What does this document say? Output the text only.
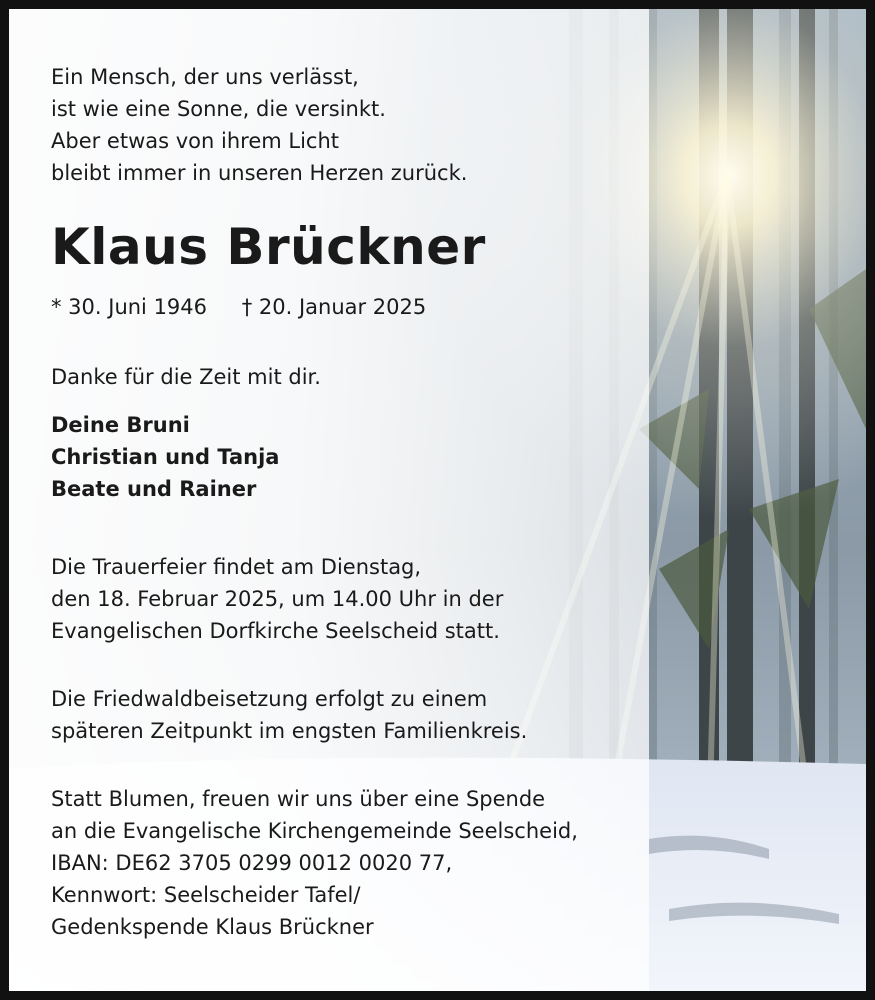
Ein Mensch, der uns verlässt,
ist wie eine Sonne, die versinkt.
Aber etwas von ihrem Licht
bleibt immer in unseren Herzen zurück.
Klaus Brückner
* 30. Juni 1946 † 20. Januar 2025
Danke für die Zeit mit dir.
Deine Bruni
Christian und Tanja
Beate und Rainer
Die Trauerfeier findet am Dienstag,
den 18. Februar 2025, um 14.00 Uhr in der
Evangelischen Dorfkirche Seelscheid statt.
Die Friedwaldbeisetzung erfolgt zu einem
späteren Zeitpunkt im engsten Familienkreis.
Statt Blumen, freuen wir uns über eine Spende
an die Evangelische Kirchengemeinde Seelscheid,
IBAN: DE62 3705 0299 0012 0020 77,
Kennwort: Seelscheider Tafel/
Gedenkspende Klaus Brückner
